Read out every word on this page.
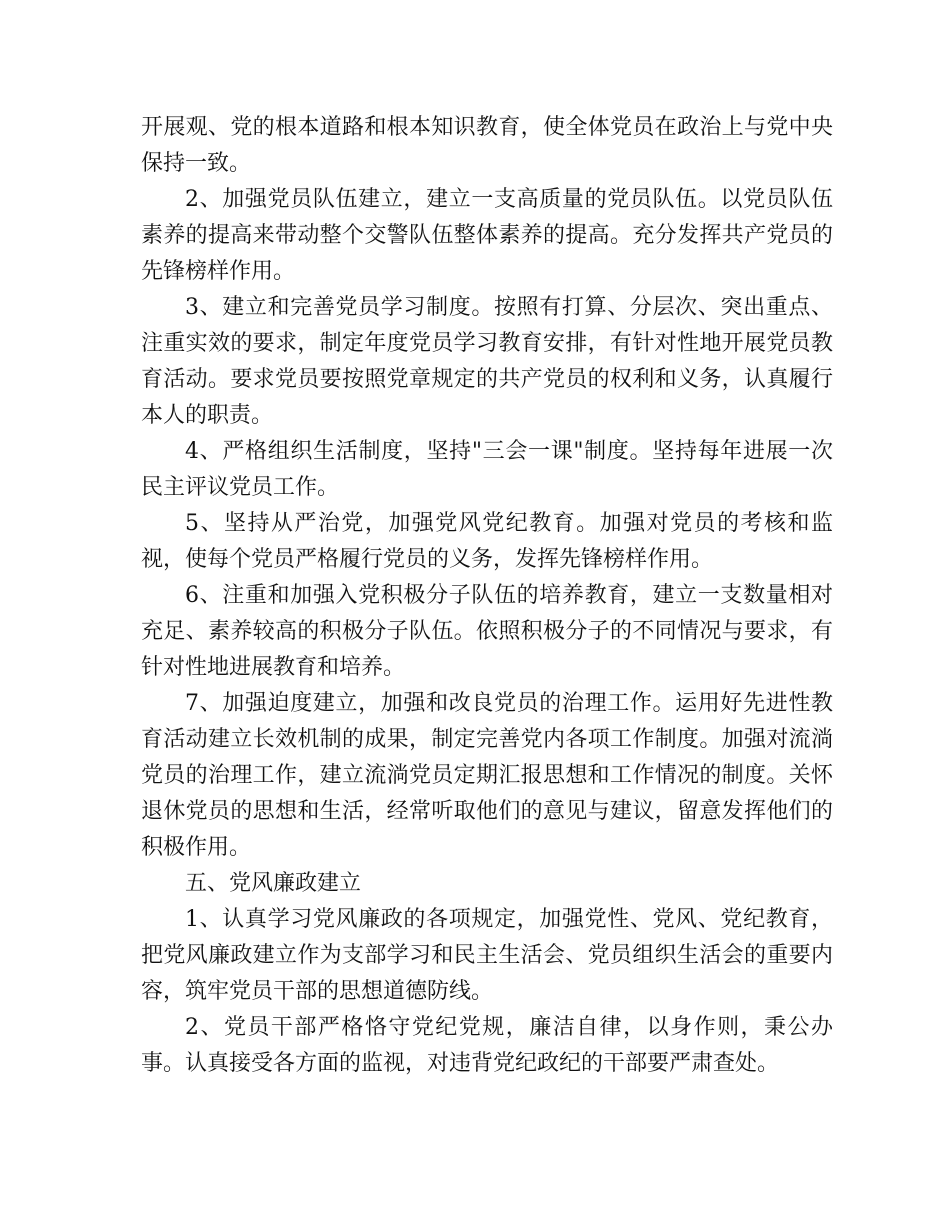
开展观、党的根本道路和根本知识教育，使全体党员在政治上与党中央保持一致。

2、加强党员队伍建立，建立一支高质量的党员队伍。以党员队伍素养的提高来带动整个交警队伍整体素养的提高。充分发挥共产党员的先锋榜样作用。

3、建立和完善党员学习制度。按照有打算、分层次、突出重点、注重实效的要求，制定年度党员学习教育安排，有针对性地开展党员教育活动。要求党员要按照党章规定的共产党员的权利和义务，认真履行本人的职责。

4、严格组织生活制度，坚持"三会一课"制度。坚持每年进展一次民主评议党员工作。

5、坚持从严治党，加强党风党纪教育。加强对党员的考核和监视，使每个党员严格履行党员的义务，发挥先锋榜样作用。

6、注重和加强入党积极分子队伍的培养教育，建立一支数量相对充足、素养较高的积极分子队伍。依照积极分子的不同情况与要求，有针对性地进展教育和培养。

7、加强迫度建立，加强和改良党员的治理工作。运用好先进性教育活动建立长效机制的成果，制定完善党内各项工作制度。加强对流淌党员的治理工作，建立流淌党员定期汇报思想和工作情况的制度。关怀退休党员的思想和生活，经常听取他们的意见与建议，留意发挥他们的积极作用。

五、党风廉政建立

1、认真学习党风廉政的各项规定，加强党性、党风、党纪教育，把党风廉政建立作为支部学习和民主生活会、党员组织生活会的重要内容，筑牢党员干部的思想道德防线。

2、党员干部严格恪守党纪党规，廉洁自律，以身作则，秉公办事。认真接受各方面的监视，对违背党纪政纪的干部要严肃查处。
